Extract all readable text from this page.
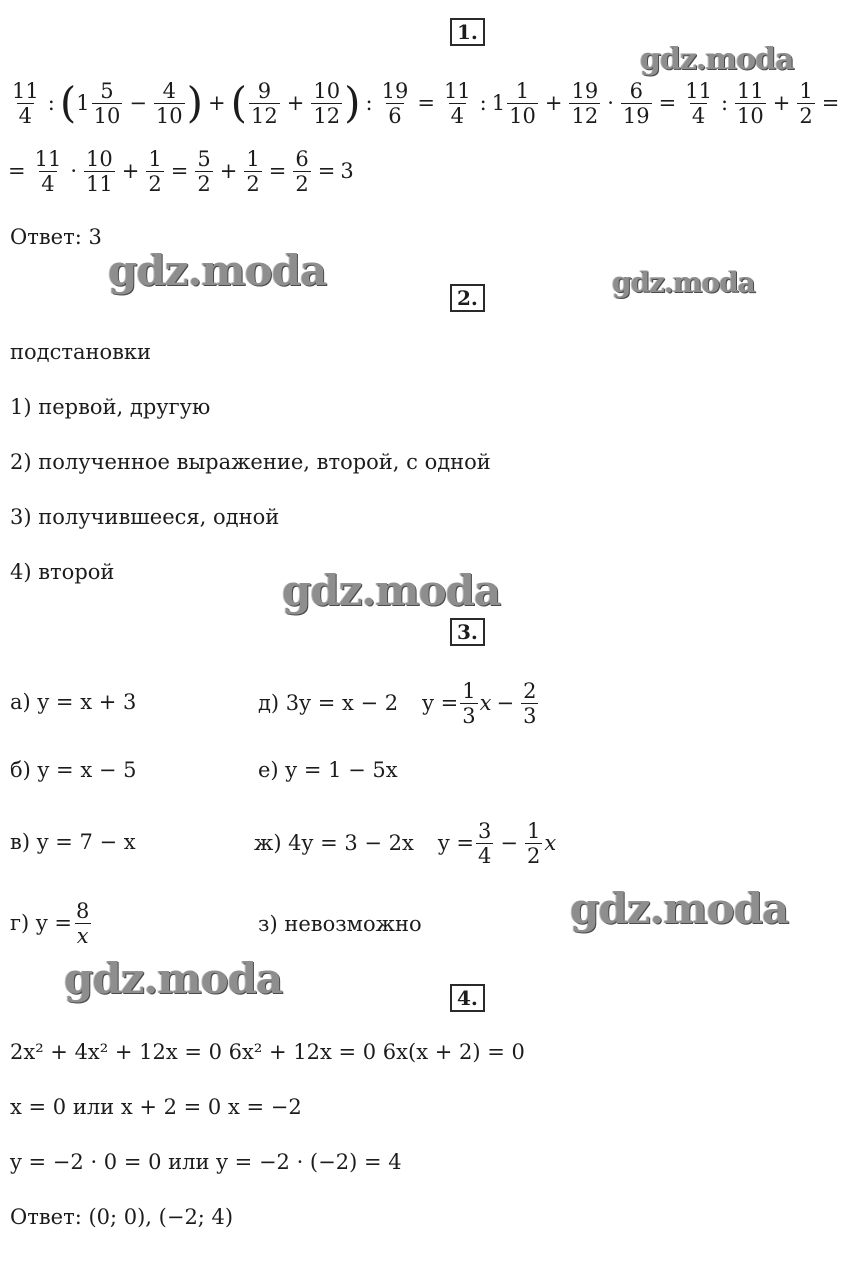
gdz.moda
gdz.moda	gdz.moda
gdz.moda
gdz.moda
gdz.moda
1.
$\frac{11}{4}$ : ( $1 \frac{5}{10} - \frac{4}{10}$ ) + ( $\frac{9}{12} + \frac{10}{12}$ ) : $\frac{19}{6} = \frac{11}{4}$ : $1 \frac{1}{10} + \frac{19}{12} \cdot \frac{6}{19} = \frac{11}{4}$ : $\frac{11}{10} + \frac{1}{2}$ =
= $\frac{11}{4} \cdot \frac{10}{11} + \frac{1}{2} = \frac{5}{2} + \frac{1}{2} = \frac{6}{2} = 3$
Ответ: 3
2.
подстановки
1) первой, другую
2) полученное выражение, второй, с одной
3) получившееся, одной
4) второй
3.
а) y = x + 3
б) y = x − 5
в) y = 7 − x
г) $y = \frac{8}{x}$
д) 3y = x − 2	$y = \frac{1}{3}$ $x - \frac{2}{3}$
е) y = 1 − 5x
ж) 4y = 3 − 2x	$y = \frac{3}{4} - \frac{1}{2}$ x
з) невозможно
4.
2x² + 4x² + 12x = 0 6x² + 12x = 0 6x(x + 2) = 0
x = 0 или x + 2 = 0 x = −2
y = −2 · 0 = 0 или y = −2 · (−2) = 4
Ответ: (0; 0), (−2; 4)
